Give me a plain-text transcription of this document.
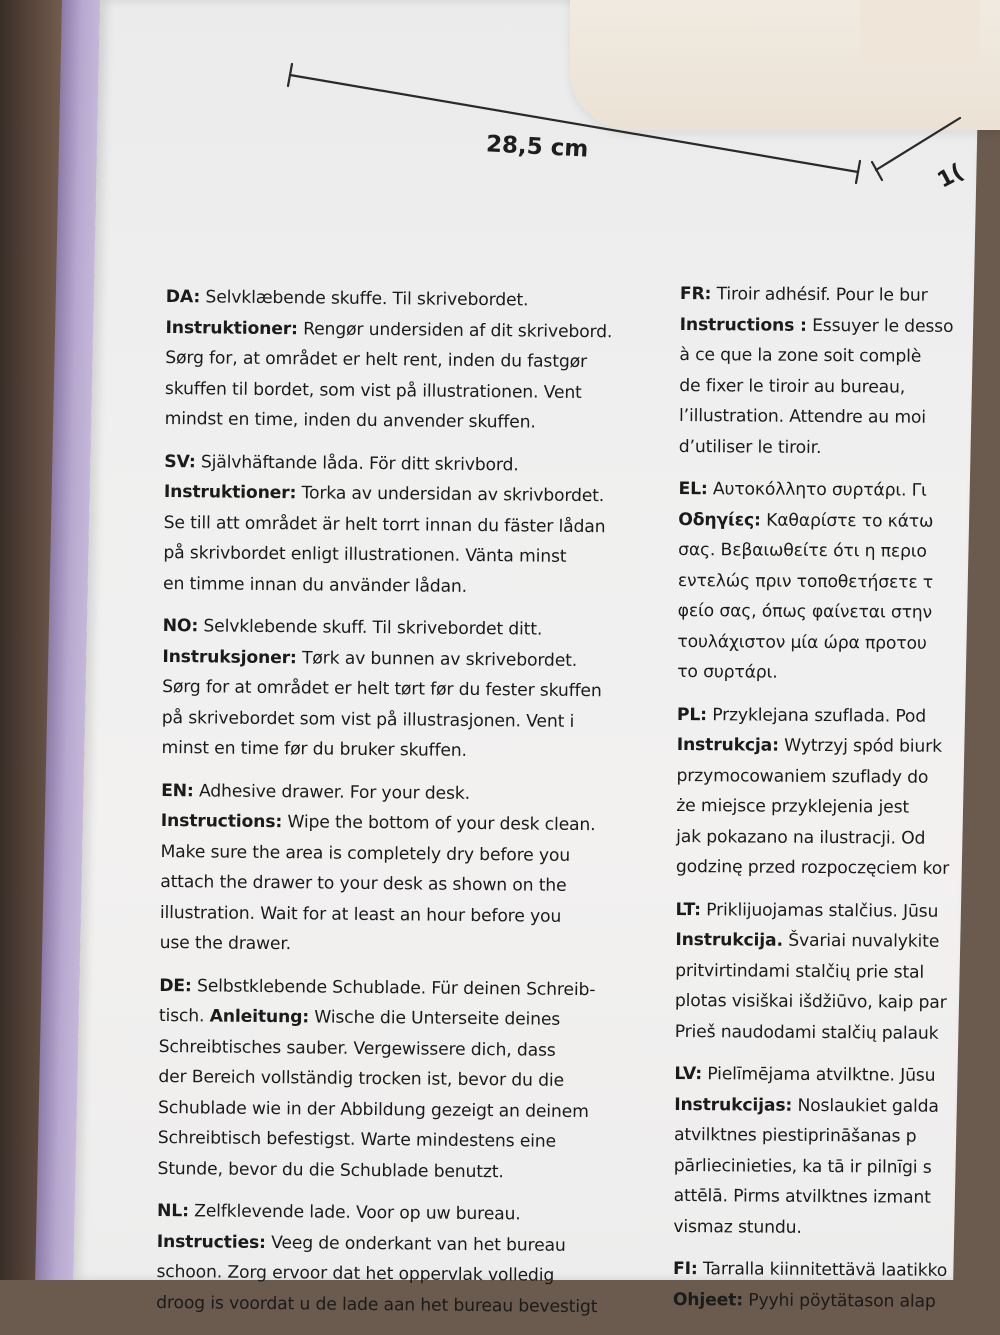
28,5 cm
1(

DA: Selvklæbende skuffe. Til skrivebordet.
Instruktioner: Rengør undersiden af dit skrivebord.
Sørg for, at området er helt rent, inden du fastgør
skuffen til bordet, som vist på illustrationen. Vent
mindst en time, inden du anvender skuffen.

SV: Självhäftande låda. För ditt skrivbord.
Instruktioner: Torka av undersidan av skrivbordet.
Se till att området är helt torrt innan du fäster lådan
på skrivbordet enligt illustrationen. Vänta minst
en timme innan du använder lådan.

NO: Selvklebende skuff. Til skrivebordet ditt.
Instruksjoner: Tørk av bunnen av skrivebordet.
Sørg for at området er helt tørt før du fester skuffen
på skrivebordet som vist på illustrasjonen. Vent i
minst en time før du bruker skuffen.

EN: Adhesive drawer. For your desk.
Instructions: Wipe the bottom of your desk clean.
Make sure the area is completely dry before you
attach the drawer to your desk as shown on the
illustration. Wait for at least an hour before you
use the drawer.

DE: Selbstklebende Schublade. Für deinen Schreib-
tisch. Anleitung: Wische die Unterseite deines
Schreibtisches sauber. Vergewissere dich, dass
der Bereich vollständig trocken ist, bevor du die
Schublade wie in der Abbildung gezeigt an deinem
Schreibtisch befestigst. Warte mindestens eine
Stunde, bevor du die Schublade benutzt.

NL: Zelfklevende lade. Voor op uw bureau.
Instructies: Veeg de onderkant van het bureau
schoon. Zorg ervoor dat het oppervlak volledig
droog is voordat u de lade aan het bureau bevestigt

FR: Tiroir adhésif. Pour le bur
Instructions : Essuyer le desso
à ce que la zone soit complè
de fixer le tiroir au bureau,
l’illustration. Attendre au moi
d’utiliser le tiroir.

EL: Αυτοκόλλητο συρτάρι. Γι
Οδηγίες: Καθαρίστε το κάτω
σας. Βεβαιωθείτε ότι η περιο
εντελώς πριν τοποθετήσετε τ
φείο σας, όπως φαίνεται στην
τουλάχιστον μία ώρα προτου
το συρτάρι.

PL: Przyklejana szuflada. Pod
Instrukcja: Wytrzyj spód biurk
przymocowaniem szuflady do
że miejsce przyklejenia jest
jak pokazano na ilustracji. Od
godzinę przed rozpoczęciem kor

LT: Priklijuojamas stalčius. Jūsu
Instrukcija. Švariai nuvalykite
pritvirtindami stalčių prie stal
plotas visiškai išdžiūvo, kaip par
Prieš naudodami stalčių palauk

LV: Pielīmējama atvilktne. Jūsu
Instrukcijas: Noslaukiet galda
atvilktnes piestiprināšanas p
pārliecinieties, ka tā ir pilnīgi s
attēlā. Pirms atvilktnes izmant
vismaz stundu.

FI: Tarralla kiinnitettävä laatikko
Ohjeet: Pyyhi pöytätason alap
